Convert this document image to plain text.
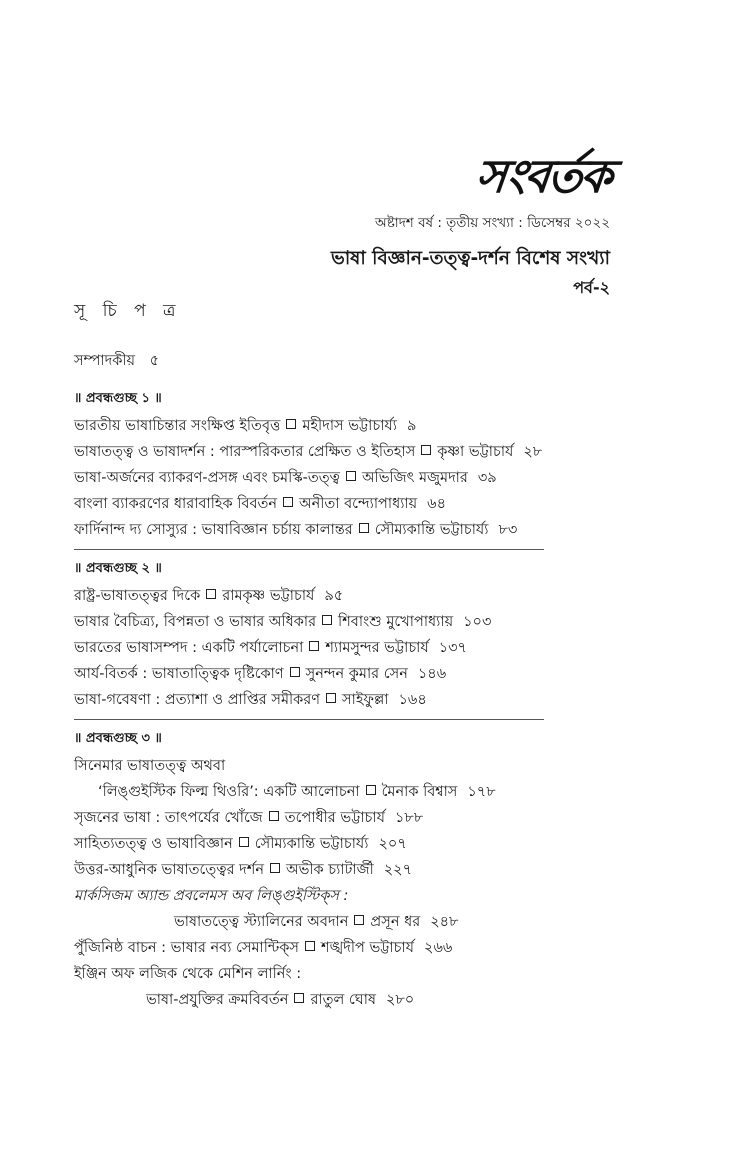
সংবর্তক
অষ্টাদশ বর্ষ : তৃতীয় সংখ্যা : ডিসেম্বর ২০২২
ভাষা বিজ্ঞান-তত্ত্ব-দর্শন বিশেষ সংখ্যা
পর্ব-২
সূ চি প ত্র
সম্পাদকীয় ৫
॥ প্রবন্ধগুচ্ছ ১ ॥
ভারতীয় ভাষাচিন্তার সংক্ষিপ্ত ইতিবৃত্ত মহীদাস ভট্টাচার্য্য ৯
ভাষাতত্ত্ব ও ভাষাদর্শন : পারস্পরিকতার প্রেক্ষিত ও ইতিহাস কৃষ্ণা ভট্টাচার্য ২৮
ভাষা-অর্জনের ব্যাকরণ-প্রসঙ্গ এবং চমস্কি-তত্ত্ব অভিজিৎ মজুমদার ৩৯
বাংলা ব্যাকরণের ধারাবাহিক বিবর্তন অনীতা বন্দ্যোপাধ্যায় ৬৪
ফার্দিনান্দ দ্য সোস্যুর : ভাষাবিজ্ঞান চর্চায় কালান্তর সৌম্যকান্তি ভট্টাচার্য্য ৮৩
॥ প্রবন্ধগুচ্ছ ২ ॥
রাষ্ট্র-ভাষাতত্ত্বর দিকে রামকৃষ্ণ ভট্টাচার্য ৯৫
ভাষার বৈচিত্র্য, বিপন্নতা ও ভাষার অধিকার শিবাংশু মুখোপাধ্যায় ১০৩
ভারতের ভাষাসম্পদ : একটি পর্যালোচনা শ্যামসুন্দর ভট্টাচার্য ১৩৭
আর্য-বিতর্ক : ভাষাতাত্ত্বিক দৃষ্টিকোণ সুনন্দন কুমার সেন ১৪৬
ভাষা-গবেষণা : প্রত্যাশা ও প্রাপ্তির সমীকরণ সাইফুল্লা ১৬৪
॥ প্রবন্ধগুচ্ছ ৩ ॥
সিনেমার ভাষাতত্ত্ব অথবা
‘লিঙ্গুইস্টিক ফিল্ম থিওরি’: একটি আলোচনা মৈনাক বিশ্বাস ১৭৮
সৃজনের ভাষা : তাৎপর্যের খোঁজে তপোধীর ভট্টাচার্য ১৮৮
সাহিত্যতত্ত্ব ও ভাষাবিজ্ঞান সৌম্যকান্তি ভট্টাচার্য্য ২০৭
উত্তর-আধুনিক ভাষাতত্ত্বের দর্শন অভীক চ্যাটার্জী ২২৭
মার্কসিজম অ্যান্ড প্রবলেমস অব লিঙ্গুইস্টিক্‌স :
ভাষাতত্ত্বে স্ট্যালিনের অবদান প্রসূন ধর ২৪৮
পুঁজিনিষ্ঠ বাচন : ভাষার নব্য সেমান্টিক্‌স শঙ্খদীপ ভট্টাচার্য ২৬৬
ইঞ্জিন অফ লজিক থেকে মেশিন লার্নিং :
ভাষা-প্রযুক্তির ক্রমবিবর্তন রাতুল ঘোষ ২৮০
